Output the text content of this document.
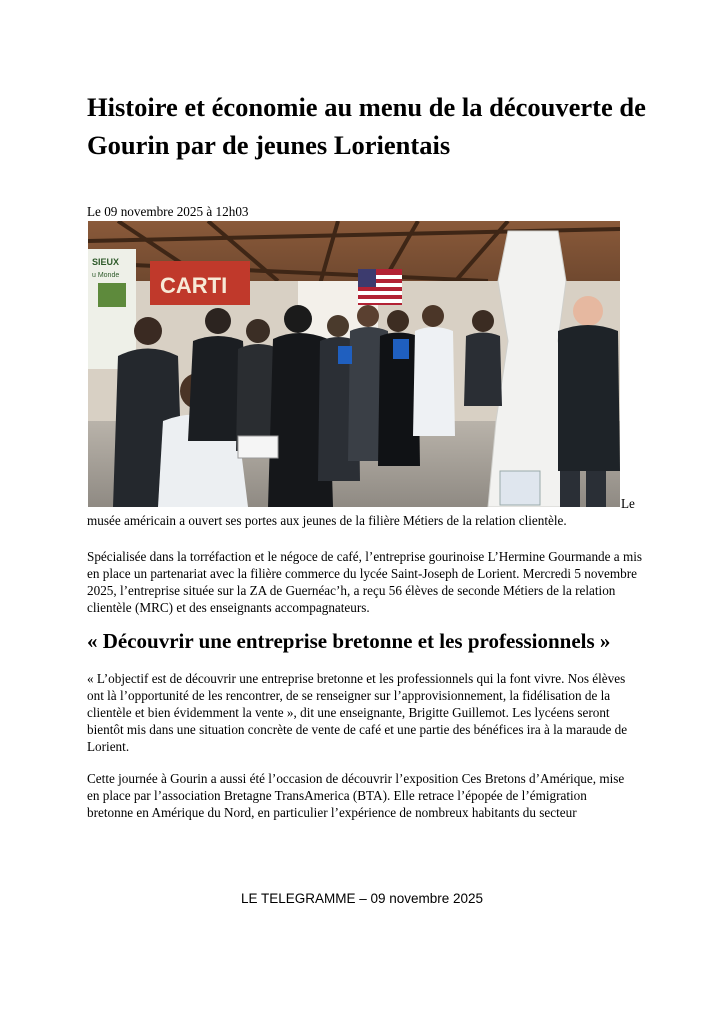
Histoire et économie au menu de la découverte de Gourin par de jeunes Lorientais
Le 09 novembre 2025 à 12h03
SIEUX
u Monde CARTI
Le
musée américain a ouvert ses portes aux jeunes de la filière Métiers de la relation clientèle.

Spécialisée dans la torréfaction et le négoce de café, l’entreprise gourinoise L’Hermine Gourmande a mis en place un partenariat avec la filière commerce du lycée Saint-Joseph de Lorient. Mercredi 5 novembre 2025, l’entreprise située sur la ZA de Guernéac’h, a reçu 56 élèves de seconde Métiers de la relation clientèle (MRC) et des enseignants accompagnateurs.

« Découvrir une entreprise bretonne et les professionnels »

« L’objectif est de découvrir une entreprise bretonne et les professionnels qui la font vivre. Nos élèves ont là l’opportunité de les rencontrer, de se renseigner sur l’approvisionnement, la fidélisation de la clientèle et bien évidemment la vente », dit une enseignante, Brigitte Guillemot. Les lycéens seront bientôt mis dans une situation concrète de vente de café et une partie des bénéfices ira à la maraude de Lorient.

Cette journée à Gourin a aussi été l’occasion de découvrir l’exposition Ces Bretons d’Amérique, mise en place par l’association Bretagne TransAmerica (BTA). Elle retrace l’épopée de l’émigration bretonne en Amérique du Nord, en particulier l’expérience de nombreux habitants du secteur

LE TELEGRAMME – 09 novembre 2025
